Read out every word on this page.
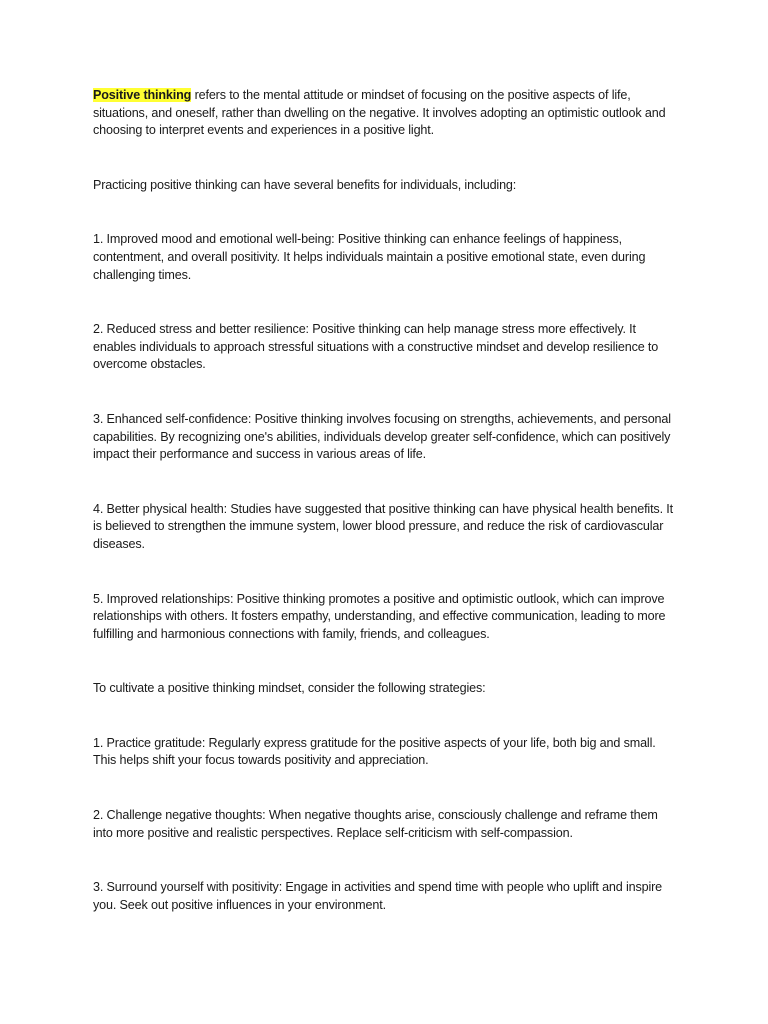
Positive thinking refers to the mental attitude or mindset of focusing on the positive aspects of life, situations, and oneself, rather than dwelling on the negative. It involves adopting an optimistic outlook and choosing to interpret events and experiences in a positive light.

Practicing positive thinking can have several benefits for individuals, including:

1. Improved mood and emotional well-being: Positive thinking can enhance feelings of happiness, contentment, and overall positivity. It helps individuals maintain a positive emotional state, even during challenging times.

2. Reduced stress and better resilience: Positive thinking can help manage stress more effectively. It enables individuals to approach stressful situations with a constructive mindset and develop resilience to overcome obstacles.

3. Enhanced self-confidence: Positive thinking involves focusing on strengths, achievements, and personal capabilities. By recognizing one's abilities, individuals develop greater self-confidence, which can positively impact their performance and success in various areas of life.

4. Better physical health: Studies have suggested that positive thinking can have physical health benefits. It is believed to strengthen the immune system, lower blood pressure, and reduce the risk of cardiovascular diseases.

5. Improved relationships: Positive thinking promotes a positive and optimistic outlook, which can improve relationships with others. It fosters empathy, understanding, and effective communication, leading to more fulfilling and harmonious connections with family, friends, and colleagues.

To cultivate a positive thinking mindset, consider the following strategies:

1. Practice gratitude: Regularly express gratitude for the positive aspects of your life, both big and small. This helps shift your focus towards positivity and appreciation.

2. Challenge negative thoughts: When negative thoughts arise, consciously challenge and reframe them into more positive and realistic perspectives. Replace self-criticism with self-compassion.

3. Surround yourself with positivity: Engage in activities and spend time with people who uplift and inspire you. Seek out positive influences in your environment.
